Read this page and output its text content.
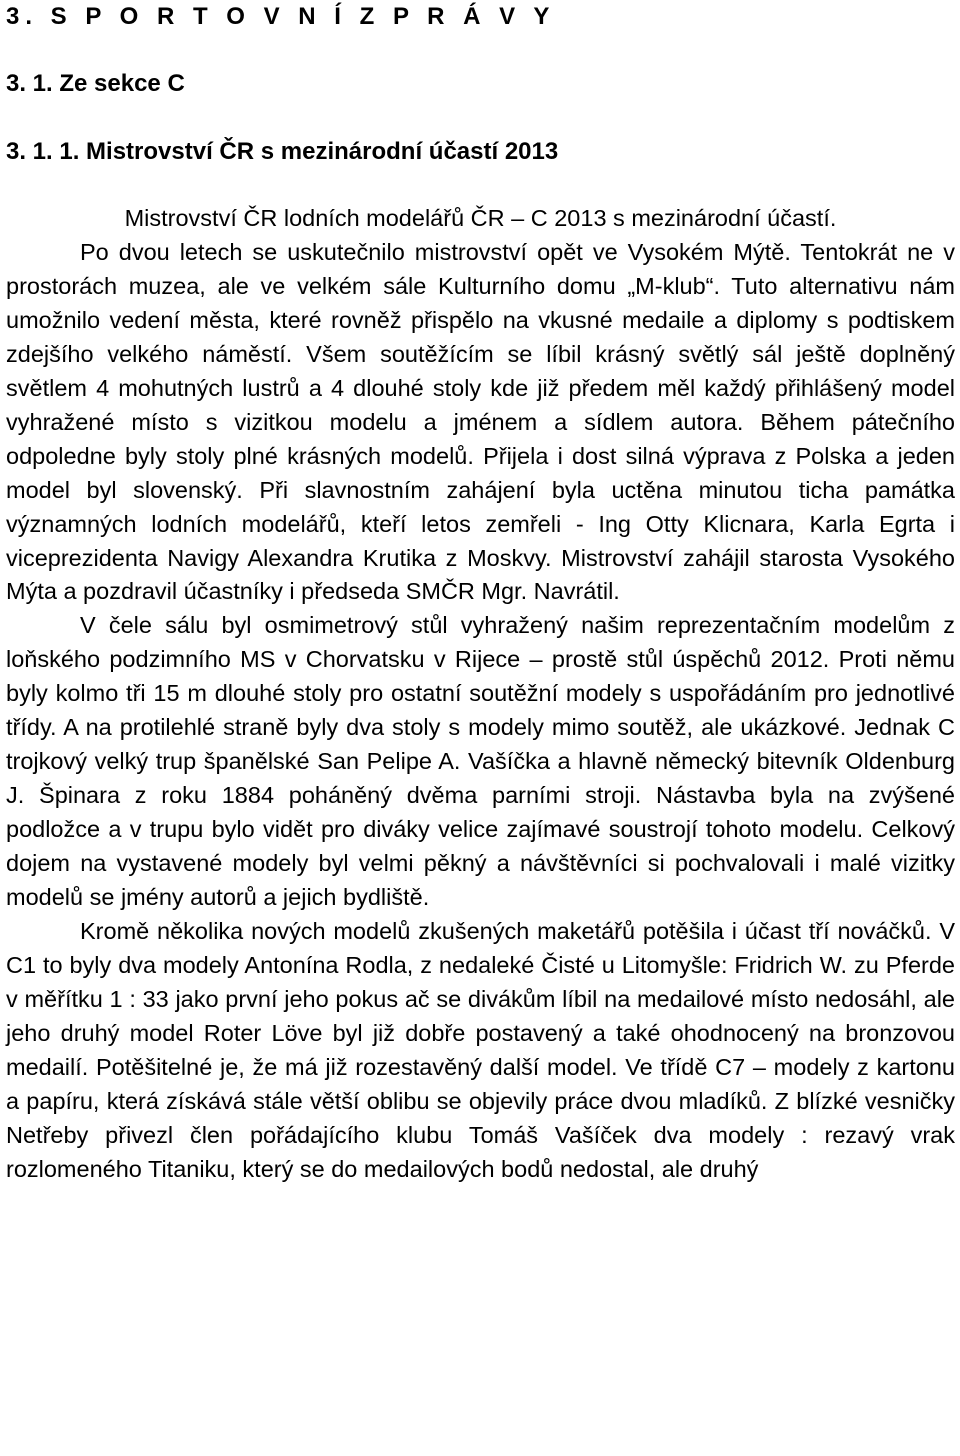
3. S P O R T O V N Í Z P R Á V Y
3. 1. Ze sekce C
3. 1. 1. Mistrovství ČR s mezinárodní účastí 2013

Mistrovství ČR lodních modelářů ČR – C 2013 s mezinárodní účastí.

Po dvou letech se uskutečnilo mistrovství opět ve Vysokém Mýtě. Tentokrát ne v prostorách muzea, ale ve velkém sále Kulturního domu „M-klub“. Tuto alternativu nám umožnilo vedení města, které rovněž přispělo na vkusné medaile a diplomy s podtiskem zdejšího velkého náměstí. Všem soutěžícím se líbil krásný světlý sál ještě doplněný světlem 4 mohutných lustrů a 4 dlouhé stoly kde již předem měl každý přihlášený model vyhražené místo s vizitkou modelu a jménem a sídlem autora. Během pátečního odpoledne byly stoly plné krásných modelů. Přijela i dost silná výprava z Polska a jeden model byl slovenský. Při slavnostním zahájení byla uctěna minutou ticha památka významných lodních modelářů, kteří letos zemřeli - Ing Otty Klicnara, Karla Egrta i viceprezidenta Navigy Alexandra Krutika z Moskvy. Mistrovství zahájil starosta Vysokého Mýta a pozdravil účastníky i předseda SMČR Mgr. Navrátil.

V čele sálu byl osmimetrový stůl vyhražený našim reprezentačním modelům z loňského podzimního MS v Chorvatsku v Rijece – prostě stůl úspěchů 2012. Proti němu byly kolmo tři 15 m dlouhé stoly pro ostatní soutěžní modely s uspořádáním pro jednotlivé třídy. A na protilehlé straně byly dva stoly s modely mimo soutěž, ale ukázkové. Jednak C trojkový velký trup španělské San Pelipe A. Vašíčka a hlavně německý bitevník Oldenburg J. Špinara z roku 1884 poháněný dvěma parními stroji. Nástavba byla na zvýšené podložce a v trupu bylo vidět pro diváky velice zajímavé soustrojí tohoto modelu. Celkový dojem na vystavené modely byl velmi pěkný a návštěvníci si pochvalovali i malé vizitky modelů se jmény autorů a jejich bydliště.

Kromě několika nových modelů zkušených maketářů potěšila i účast tří nováčků. V C1 to byly dva modely Antonína Rodla, z nedaleké Čisté u Litomyšle: Fridrich W. zu Pferde v měřítku 1 : 33 jako první jeho pokus ač se divákům líbil na medailové místo nedosáhl, ale jeho druhý model Roter Löve byl již dobře postavený a také ohodnocený na bronzovou medailí. Potěšitelné je, že má již rozestavěný další model. Ve třídě C7 – modely z kartonu a papíru, která získává stále větší oblibu se objevily práce dvou mladíků. Z blízké vesničky Netřeby přivezl člen pořádajícího klubu Tomáš Vašíček dva modely : rezavý vrak rozlomeného Titaniku, který se do medailových bodů nedostal, ale druhý
